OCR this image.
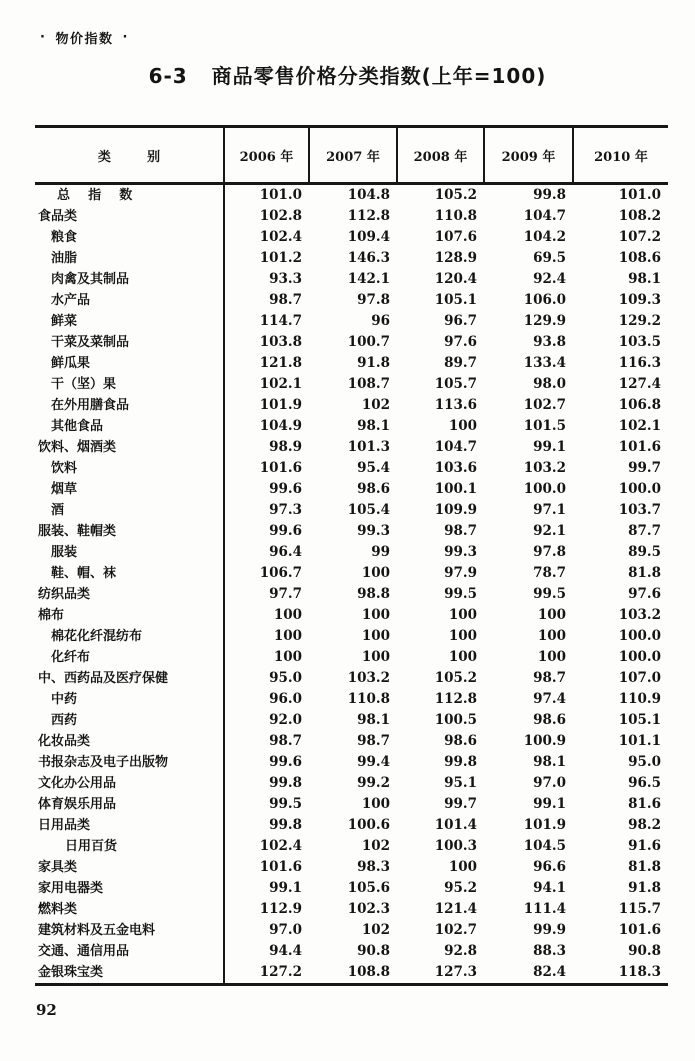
· 物价指数 ·
6-3   商品零售价格分类指数(上年=100)
类        别	2006 年	2007 年	2008 年	2009 年	2010 年
总    指    数	101.0	104.8	105.2	99.8	101.0
食品类	102.8	112.8	110.8	104.7	108.2
粮食	102.4	109.4	107.6	104.2	107.2
油脂	101.2	146.3	128.9	69.5	108.6
肉禽及其制品	93.3	142.1	120.4	92.4	98.1
水产品	98.7	97.8	105.1	106.0	109.3
鲜菜	114.7	96	96.7	129.9	129.2
干菜及菜制品	103.8	100.7	97.6	93.8	103.5
鲜瓜果	121.8	91.8	89.7	133.4	116.3
干（坚）果	102.1	108.7	105.7	98.0	127.4
在外用膳食品	101.9	102	113.6	102.7	106.8
其他食品	104.9	98.1	100	101.5	102.1
饮料、烟酒类	98.9	101.3	104.7	99.1	101.6
饮料	101.6	95.4	103.6	103.2	99.7
烟草	99.6	98.6	100.1	100.0	100.0
酒	97.3	105.4	109.9	97.1	103.7
服装、鞋帽类	99.6	99.3	98.7	92.1	87.7
服装	96.4	99	99.3	97.8	89.5
鞋、帽、袜	106.7	100	97.9	78.7	81.8
纺织品类	97.7	98.8	99.5	99.5	97.6
棉布	100	100	100	100	103.2
棉花化纤混纺布	100	100	100	100	100.0
化纤布	100	100	100	100	100.0
中、西药品及医疗保健	95.0	103.2	105.2	98.7	107.0
中药	96.0	110.8	112.8	97.4	110.9
西药	92.0	98.1	100.5	98.6	105.1
化妆品类	98.7	98.7	98.6	100.9	101.1
书报杂志及电子出版物	99.6	99.4	99.8	98.1	95.0
文化办公用品	99.8	99.2	95.1	97.0	96.5
体育娱乐用品	99.5	100	99.7	99.1	81.6
日用品类	99.8	100.6	101.4	101.9	98.2
日用百货	102.4	102	100.3	104.5	91.6
家具类	101.6	98.3	100	96.6	81.8
家用电器类	99.1	105.6	95.2	94.1	91.8
燃料类	112.9	102.3	121.4	111.4	115.7
建筑材料及五金电料	97.0	102	102.7	99.9	101.6
交通、通信用品	94.4	90.8	92.8	88.3	90.8
金银珠宝类	127.2	108.8	127.3	82.4	118.3
92
